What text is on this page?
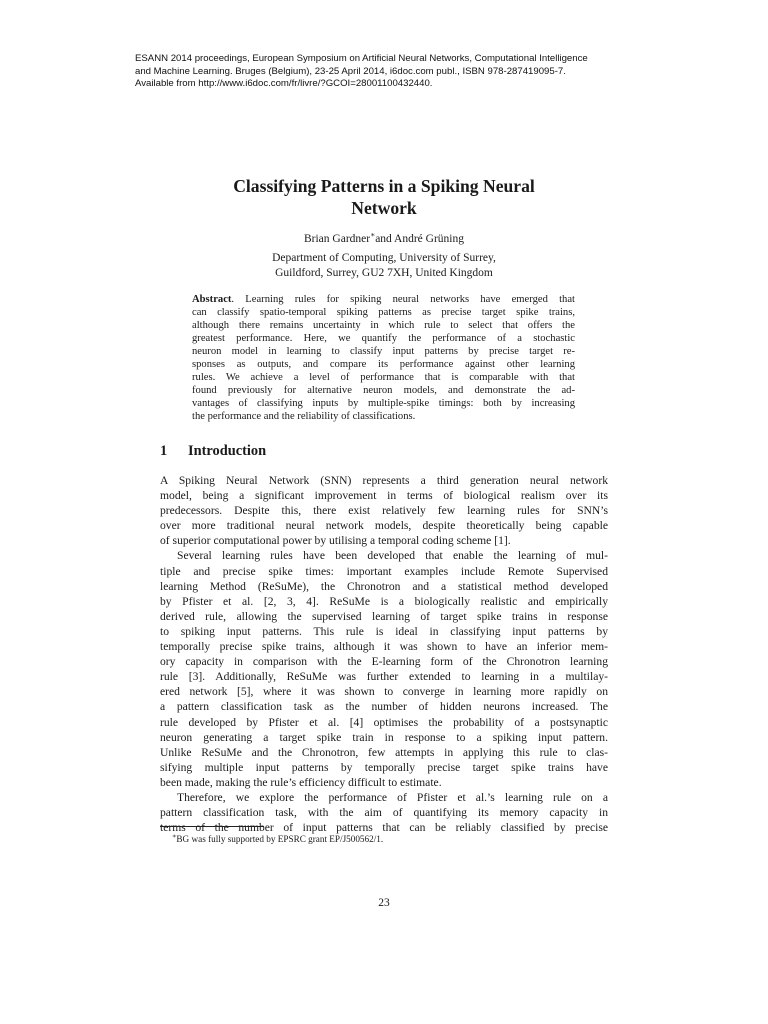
ESANN 2014 proceedings, European Symposium on Artificial Neural Networks, Computational Intelligence
and Machine Learning. Bruges (Belgium), 23-25 April 2014, i6doc.com publ., ISBN 978-287419095-7.
Available from http://www.i6doc.com/fr/livre/?GCOI=28001100432440.
Classifying Patterns in a Spiking Neural
Network
Brian Gardner∗and André Grüning
Department of Computing, University of Surrey,
Guildford, Surrey, GU2 7XH, United Kingdom
Abstract. Learning rules for spiking neural networks have emerged that
can classify spatio-temporal spiking patterns as precise target spike trains,
although there remains uncertainty in which rule to select that offers the
greatest performance. Here, we quantify the performance of a stochastic
neuron model in learning to classify input patterns by precise target re-
sponses as outputs, and compare its performance against other learning
rules. We achieve a level of performance that is comparable with that
found previously for alternative neuron models, and demonstrate the ad-
vantages of classifying inputs by multiple-spike timings: both by increasing
the performance and the reliability of classifications.
1 Introduction
A Spiking Neural Network (SNN) represents a third generation neural network
model, being a significant improvement in terms of biological realism over its
predecessors. Despite this, there exist relatively few learning rules for SNN’s
over more traditional neural network models, despite theoretically being capable
of superior computational power by utilising a temporal coding scheme [1].
Several learning rules have been developed that enable the learning of mul-
tiple and precise spike times: important examples include Remote Supervised
learning Method (ReSuMe), the Chronotron and a statistical method developed
by Pfister et al. [2, 3, 4]. ReSuMe is a biologically realistic and empirically
derived rule, allowing the supervised learning of target spike trains in response
to spiking input patterns. This rule is ideal in classifying input patterns by
temporally precise spike trains, although it was shown to have an inferior mem-
ory capacity in comparison with the E-learning form of the Chronotron learning
rule [3]. Additionally, ReSuMe was further extended to learning in a multilay-
ered network [5], where it was shown to converge in learning more rapidly on
a pattern classification task as the number of hidden neurons increased. The
rule developed by Pfister et al. [4] optimises the probability of a postsynaptic
neuron generating a target spike train in response to a spiking input pattern.
Unlike ReSuMe and the Chronotron, few attempts in applying this rule to clas-
sifying multiple input patterns by temporally precise target spike trains have
been made, making the rule’s efficiency difficult to estimate.
Therefore, we explore the performance of Pfister et al.’s learning rule on a
pattern classification task, with the aim of quantifying its memory capacity in
terms of the number of input patterns that can be reliably classified by precise
∗BG was fully supported by EPSRC grant EP/J500562/1.
23
